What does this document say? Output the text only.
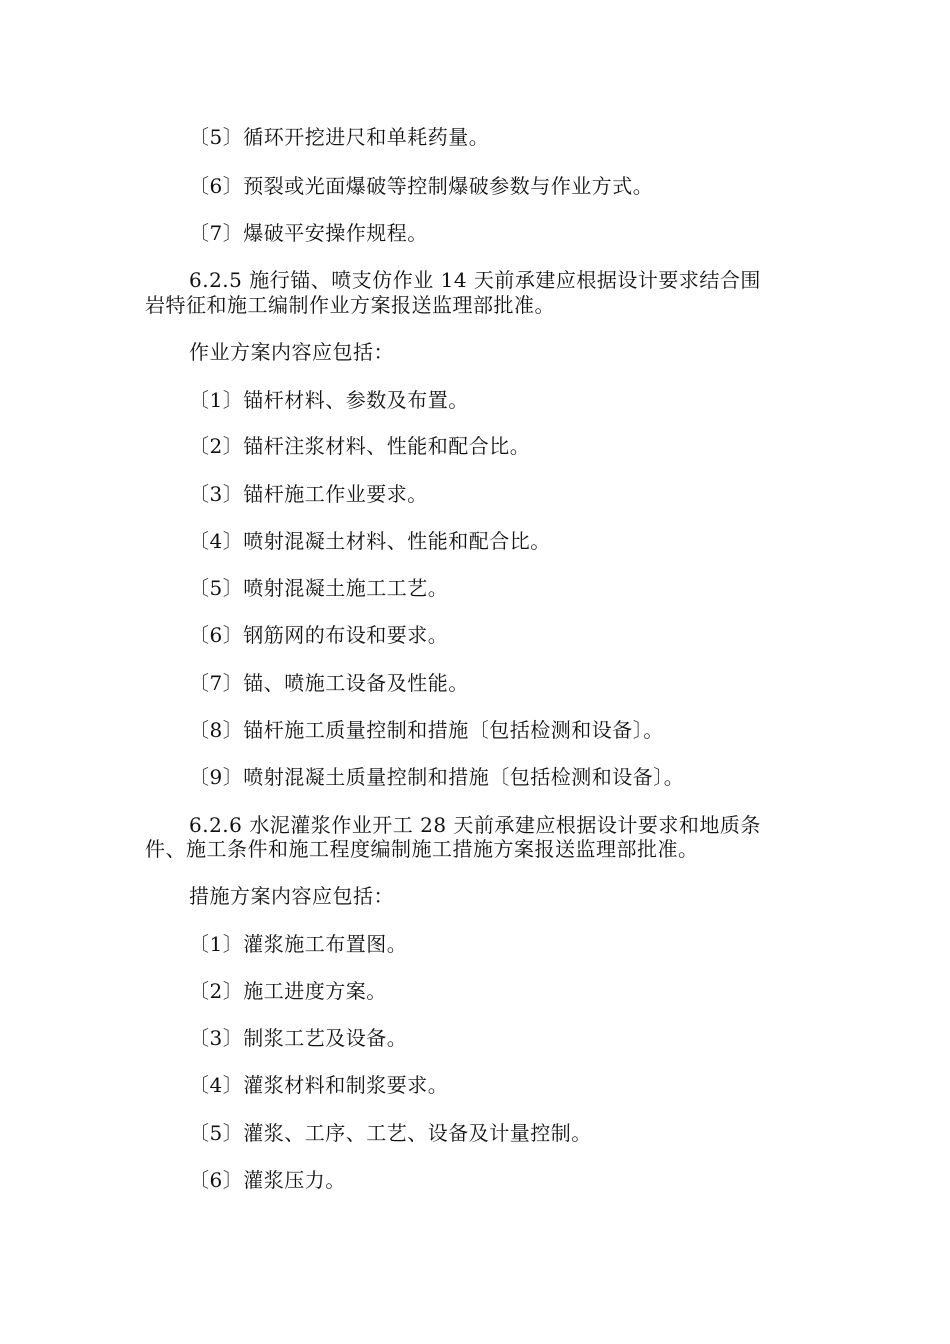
〔5〕循环开挖进尺和单耗药量。
〔6〕预裂或光面爆破等控制爆破参数与作业方式。
〔7〕爆破平安操作规程。
6.2.5 施行锚、喷支仿作业 14 天前承建应根据设计要求结合围
岩特征和施工编制作业方案报送监理部批准。
作业方案内容应包括：
〔1〕锚杆材料、参数及布置。
〔2〕锚杆注浆材料、性能和配合比。
〔3〕锚杆施工作业要求。
〔4〕喷射混凝土材料、性能和配合比。
〔5〕喷射混凝土施工工艺。
〔6〕钢筋网的布设和要求。
〔7〕锚、喷施工设备及性能。
〔8〕锚杆施工质量控制和措施〔包括检测和设备〕。
〔9〕喷射混凝土质量控制和措施〔包括检测和设备〕。
6.2.6 水泥灌浆作业开工 28 天前承建应根据设计要求和地质条
件、施工条件和施工程度编制施工措施方案报送监理部批准。
措施方案内容应包括：
〔1〕灌浆施工布置图。
〔2〕施工进度方案。
〔3〕制浆工艺及设备。
〔4〕灌浆材料和制浆要求。
〔5〕灌浆、工序、工艺、设备及计量控制。
〔6〕灌浆压力。
